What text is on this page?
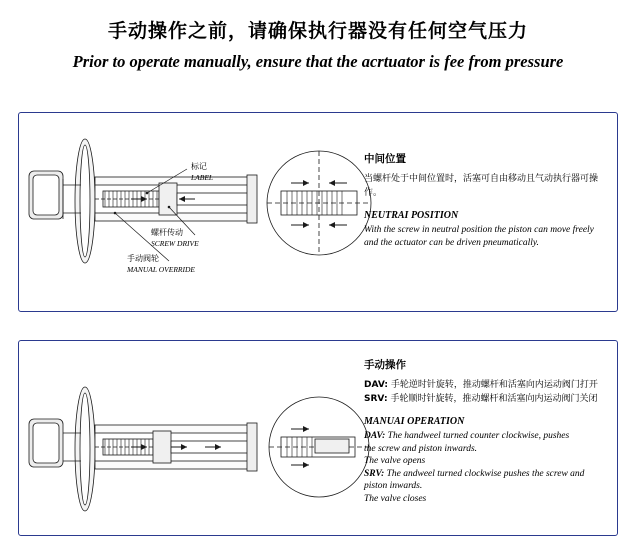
手动操作之前，请确保执行器没有任何空气压力
Prior to operate manually, ensure that the acrtuator is fee from pressure
标记
LABEL
螺杆传动
SCREW DRIVE
手动阀轮
MANUAL OVERRIDE
中间位置
当螺杆处于中间位置时，活塞可自由移动且气动执行器可操作。
NEUTRAI POSITION
With the screw in neutral position the piston can move freely and the actuator can be driven pneumatically.
手动操作
DAV: 手轮逆时针旋转，推动螺杆和活塞向内运动阀门打开
SRV: 手轮顺时针旋转，推动螺杆和活塞向内运动阀门关闭
MANUAI OPERATION
DAV: The handweel turned counter clockwise, pushes
the screw and piston inwards.
The valve opens
SRV: The andweel turned clockwise pushes the screw and
piston inwards.
The valve closes
